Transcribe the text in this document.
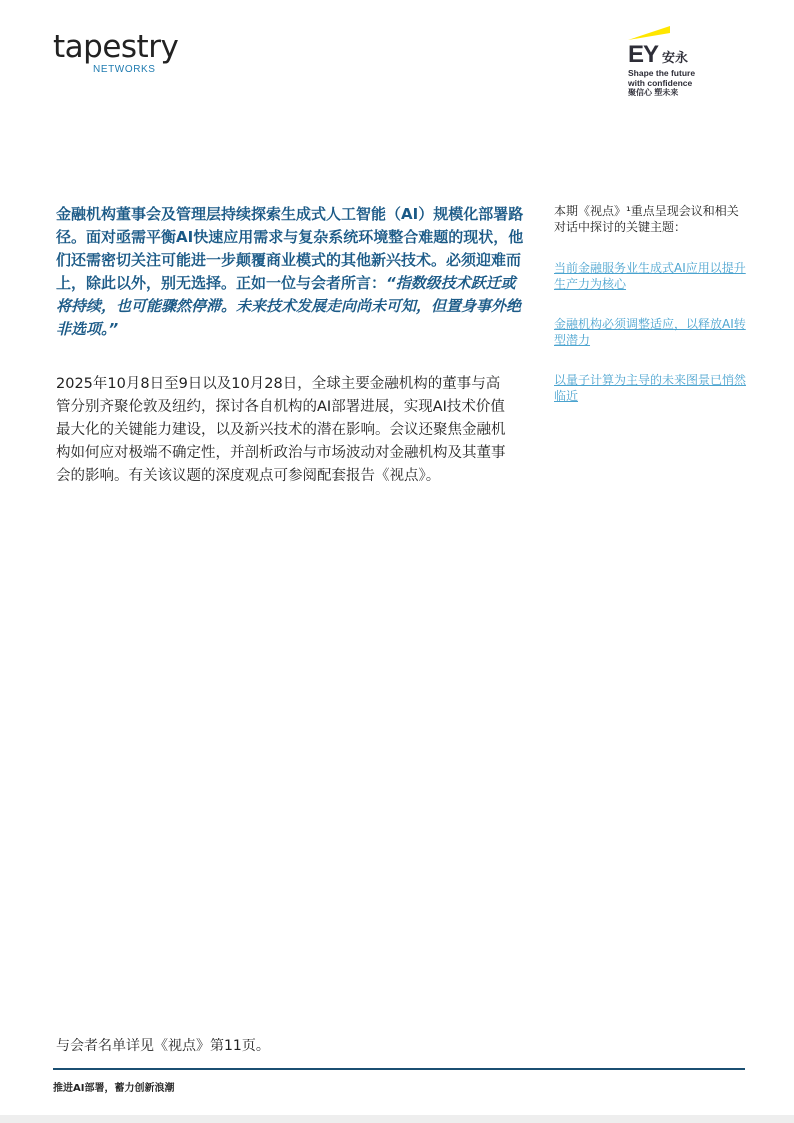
tapestry
NETWORKS
EY 安永
Shape the future
with confidence
聚信心 塑未来
金融机构董事会及管理层持续探索生成式人工智能（AI）规模化部署路径。面对亟需平衡AI快速应用需求与复杂系统环境整合难题的现状，他们还需密切关注可能进一步颠覆商业模式的其他新兴技术。必须迎难而上，除此以外，别无选择。正如一位与会者所言：“指数级技术跃迁或将持续，也可能骤然停滞。未来技术发展走向尚未可知，但置身事外绝非选项。”
2025年10月8日至9日以及10月28日，全球主要金融机构的董事与高管分别齐聚伦敦及纽约，探讨各自机构的AI部署进展，实现AI技术价值最大化的关键能力建设，以及新兴技术的潜在影响。会议还聚焦金融机构如何应对极端不确定性，并剖析政治与市场波动对金融机构及其董事会的影响。有关该议题的深度观点可参阅配套报告《视点》。
本期《视点》¹重点呈现会议和相关对话中探讨的关键主题：
当前金融服务业生成式AI应用以提升生产力为核心
金融机构必须调整适应，以释放AI转型潜力
以量子计算为主导的未来图景已悄然临近
与会者名单详见《视点》第11页。
推进AI部署，蓄力创新浪潮
